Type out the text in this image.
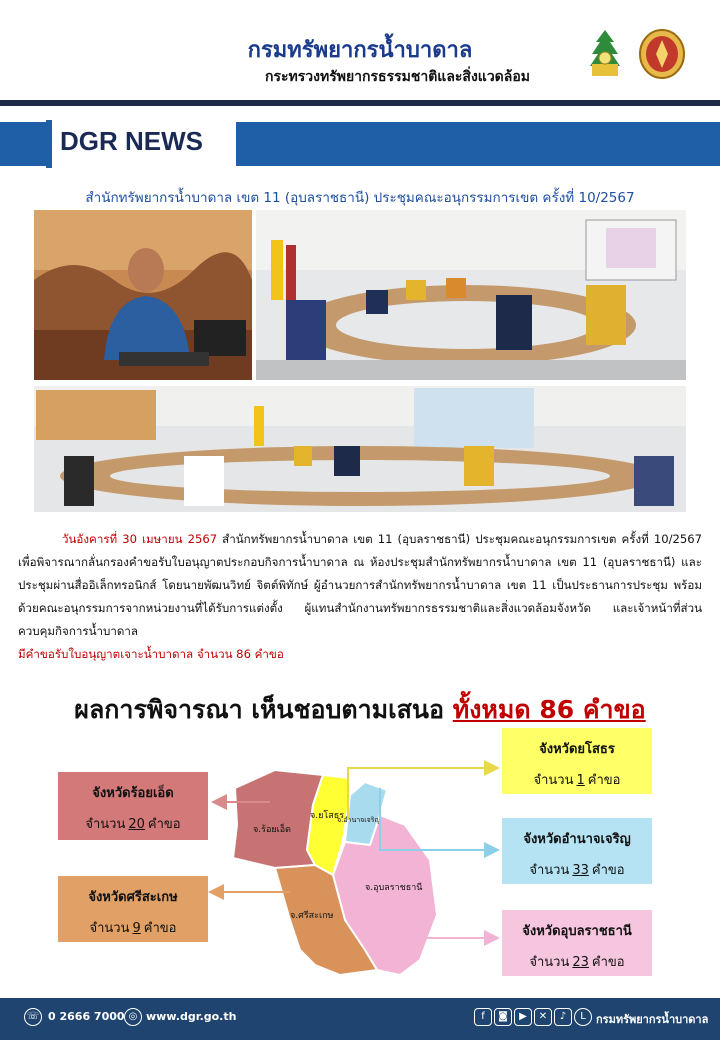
กรมทรัพยากรน้ำบาดาล
กระทรวงทรัพยากรธรรมชาติและสิ่งแวดล้อม
DGR NEWS
สำนักทรัพยากรน้ำบาดาล เขต 11 (อุบลราชธานี) ประชุมคณะอนุกรรมการเขต ครั้งที่ 10/2567
วันอังคารที่ 30 เมษายน 2567 สำนักทรัพยากรน้ำบาดาล เขต 11 (อุบลราชธานี) ประชุมคณะอนุกรรมการเขต ครั้งที่ 10/2567 เพื่อพิจารณากลั่นกรองคำขอรับใบอนุญาตประกอบกิจการน้ำบาดาล ณ ห้องประชุมสำนักทรัพยากรน้ำบาดาล เขต 11 (อุบลราชธานี) และประชุมผ่านสื่ออิเล็กทรอนิกส์ โดยนายพัฒนวิทย์ จิตต์พิทักษ์ ผู้อำนวยการสำนักทรัพยากรน้ำบาดาล เขต 11 เป็นประธานการประชุม พร้อมด้วยคณะอนุกรรมการจากหน่วยงานที่ได้รับการแต่งตั้ง ผู้แทนสำนักงานทรัพยากรธรรมชาติและสิ่งแวดล้อมจังหวัด และเจ้าหน้าที่ส่วนควบคุมกิจการน้ำบาดาล
มีคำขอรับใบอนุญาตเจาะน้ำบาดาล จำนวน 86 คำขอ
ผลการพิจารณา เห็นชอบตามเสนอ ทั้งหมด 86 คำขอ
จ.ร้อยเอ็ด
จ.ยโสธร
จ.อำนาจเจริญ
จ.อุบลราชธานี
จ.ศรีสะเกษ
จังหวัดร้อยเอ็ด
จำนวน 20 คำขอ
จังหวัดศรีสะเกษ
จำนวน 9 คำขอ
จังหวัดยโสธร
จำนวน 1 คำขอ
จังหวัดอำนาจเจริญ
จำนวน 33 คำขอ
จังหวัดอุบลราชธานี
จำนวน 23 คำขอ
☏ 0 2666 7000 ◎ www.dgr.go.th	f	◙	▶	✕	♪	L กรมทรัพยากรน้ำบาดาล
